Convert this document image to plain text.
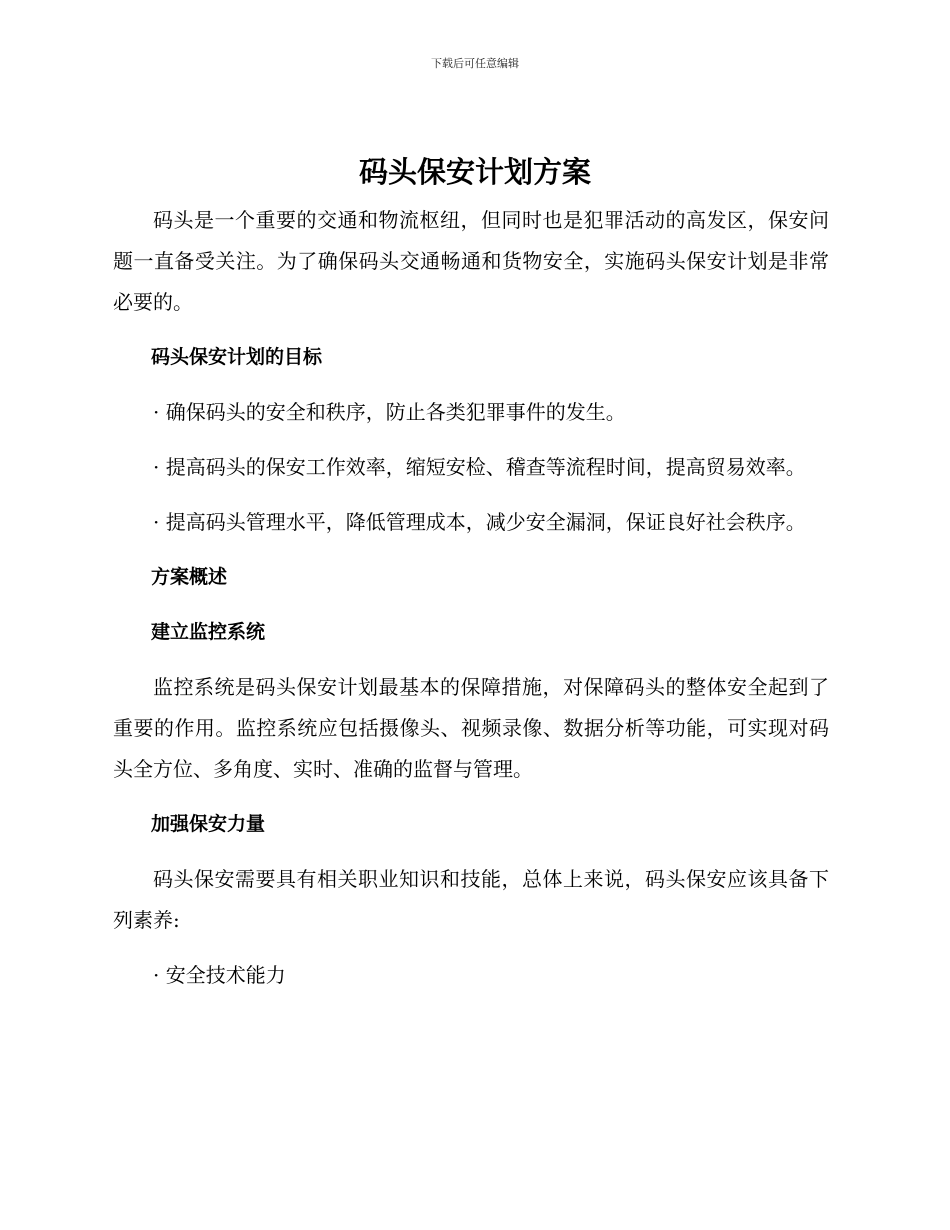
下载后可任意编辑
码头保安计划方案

码头是一个重要的交通和物流枢纽，但同时也是犯罪活动的高发区，保安问题一直备受关注。为了确保码头交通畅通和货物安全，实施码头保安计划是非常必要的。

码头保安计划的目标

· 确保码头的安全和秩序，防止各类犯罪事件的发生。

· 提高码头的保安工作效率，缩短安检、稽查等流程时间，提高贸易效率。

· 提高码头管理水平，降低管理成本，减少安全漏洞，保证良好社会秩序。

方案概述

建立监控系统

监控系统是码头保安计划最基本的保障措施，对保障码头的整体安全起到了重要的作用。监控系统应包括摄像头、视频录像、数据分析等功能，可实现对码头全方位、多角度、实时、准确的监督与管理。

加强保安力量

码头保安需要具有相关职业知识和技能，总体上来说，码头保安应该具备下列素养:

· 安全技术能力
